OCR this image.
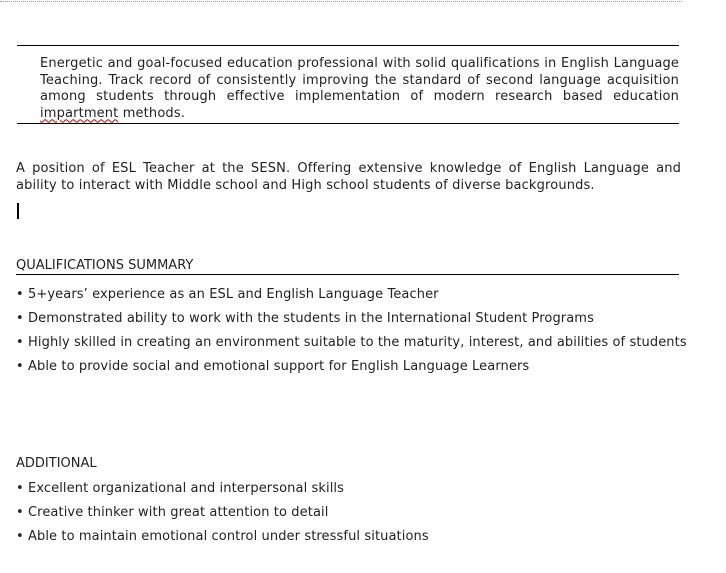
Energetic and goal-focused education professional with solid qualifications in English Language Teaching. Track record of consistently improving the standard of second language acquisition among students through effective implementation of modern research based education impartment methods.

A position of ESL Teacher at the SESN. Offering extensive knowledge of English Language and ability to interact with Middle school and High school students of diverse backgrounds.

QUALIFICATIONS SUMMARY
• 5+years’ experience as an ESL and English Language Teacher
• Demonstrated ability to work with the students in the International Student Programs
• Highly skilled in creating an environment suitable to the maturity, interest, and abilities of students
• Able to provide social and emotional support for English Language Learners
ADDITIONAL
• Excellent organizational and interpersonal skills
• Creative thinker with great attention to detail
• Able to maintain emotional control under stressful situations
